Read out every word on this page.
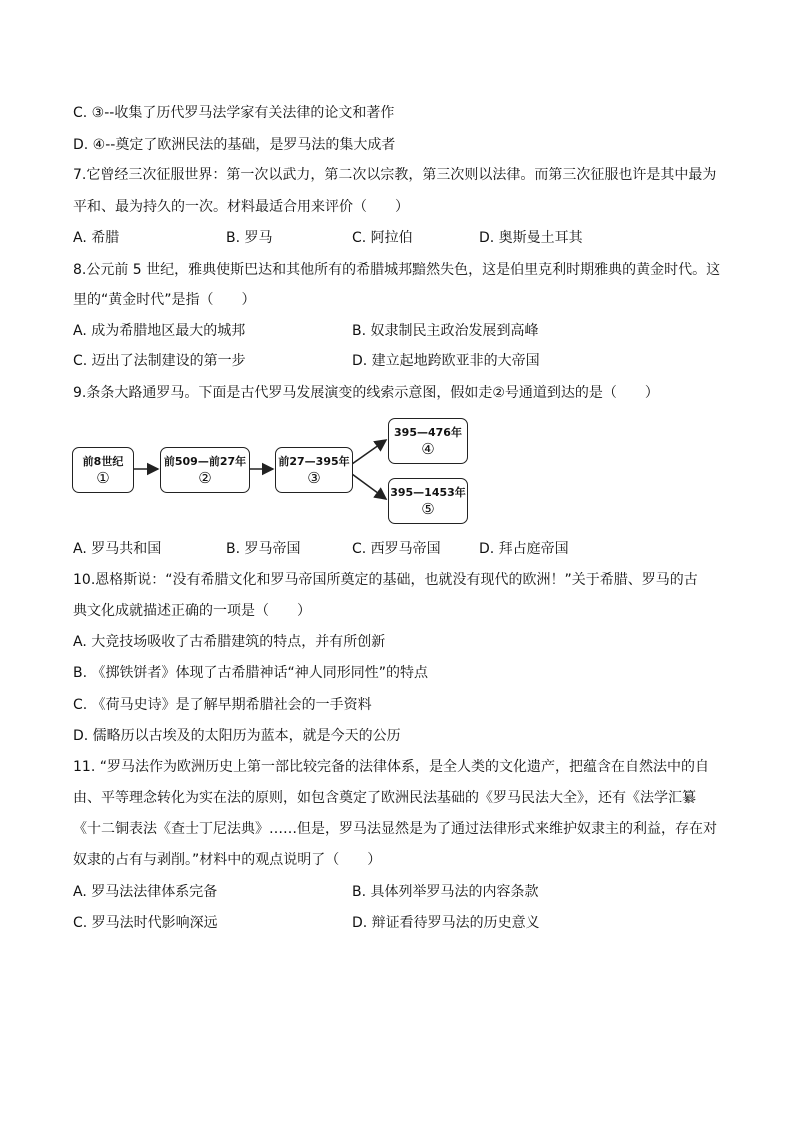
C. ③--收集了历代罗马法学家有关法律的论文和著作
D. ④--奠定了欧洲民法的基础，是罗马法的集大成者
7.它曾经三次征服世界：第一次以武力，第二次以宗教，第三次则以法律。而第三次征服也许是其中最为
平和、最为持久的一次。材料最适合用来评价（　　）
A. 希腊	B. 罗马	C. 阿拉伯	D. 奥斯曼土耳其
8.公元前 5 世纪，雅典使斯巴达和其他所有的希腊城邦黯然失色，这是伯里克利时期雅典的黄金时代。这
里的“黄金时代”是指（　　）
A. 成为希腊地区最大的城邦	B. 奴隶制民主政治发展到高峰
C. 迈出了法制建设的第一步	D. 建立起地跨欧亚非的大帝国
9.条条大路通罗马。下面是古代罗马发展演变的线索示意图，假如走②号通道到达的是（　　）
前8世纪
①
前509—前27年
②
前27—395年
③
395—476年
④
395—1453年
⑤
A. 罗马共和国	B. 罗马帝国	C. 西罗马帝国	D. 拜占庭帝国
10.恩格斯说：“没有希腊文化和罗马帝国所奠定的基础，也就没有现代的欧洲！”关于希腊、罗马的古
典文化成就描述正确的一项是（　　）
A. 大竞技场吸收了古希腊建筑的特点，并有所创新
B. 《掷铁饼者》体现了古希腊神话“神人同形同性”的特点
C. 《荷马史诗》是了解早期希腊社会的一手资料
D. 儒略历以古埃及的太阳历为蓝本，就是今天的公历
11. “罗马法作为欧洲历史上第一部比较完备的法律体系，是全人类的文化遗产，把蕴含在自然法中的自
由、平等理念转化为实在法的原则，如包含奠定了欧洲民法基础的《罗马民法大全》，还有《法学汇纂
《十二铜表法《查士丁尼法典》……但是，罗马法显然是为了通过法律形式来维护奴隶主的利益，存在对
奴隶的占有与剥削。”材料中的观点说明了（　　）
A. 罗马法法律体系完备	B. 具体列举罗马法的内容条款
C. 罗马法时代影响深远	D. 辩证看待罗马法的历史意义
